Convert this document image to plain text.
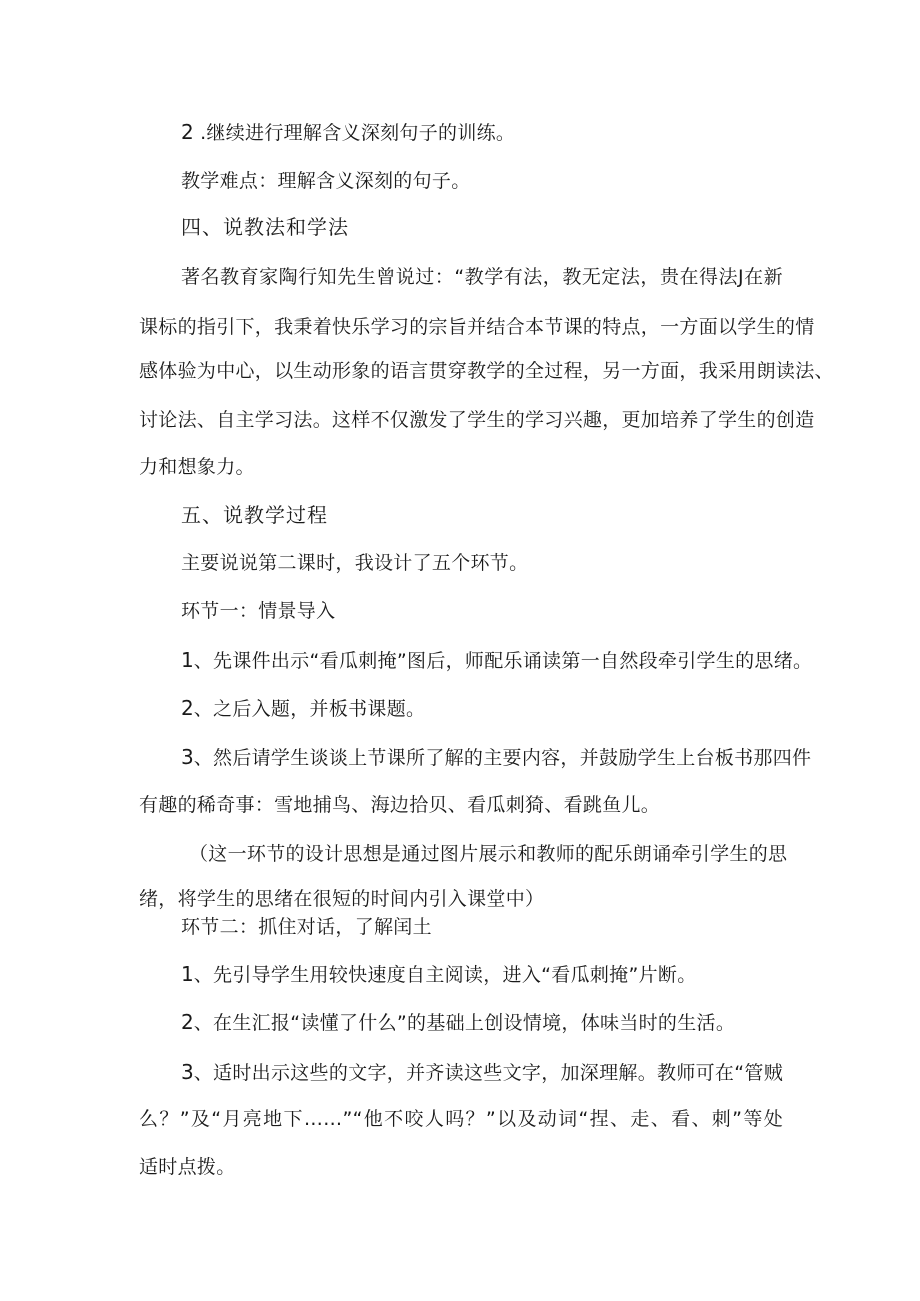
2 .继续进行理解含义深刻句子的训练。
教学难点：理解含义深刻的句子。
四、说教法和学法
著名教育家陶行知先生曾说过：“教学有法，教无定法，贵在得法J在新
课标的指引下，我秉着快乐学习的宗旨并结合本节课的特点，一方面以学生的情
感体验为中心，以生动形象的语言贯穿教学的全过程，另一方面，我采用朗读法、
讨论法、自主学习法。这样不仅激发了学生的学习兴趣，更加培养了学生的创造
力和想象力。
五、说教学过程
主要说说第二课时，我设计了五个环节。
环节一：情景导入
1、先课件出示“看瓜刺掩”图后，师配乐诵读第一自然段牵引学生的思绪。
2、之后入题，并板书课题。
3、然后请学生谈谈上节课所了解的主要内容，并鼓励学生上台板书那四件
有趣的稀奇事：雪地捕鸟、海边拾贝、看瓜刺猗、看跳鱼儿。
（这一环节的设计思想是通过图片展示和教师的配乐朗诵牵引学生的思
绪，将学生的思绪在很短的时间内引入课堂中）
环节二：抓住对话，了解闰土
1、先引导学生用较快速度自主阅读，进入“看瓜刺掩”片断。
2、在生汇报“读懂了什么”的基础上创设情境，体味当时的生活。
3、适时出示这些的文字，并齐读这些文字，加深理解。教师可在“管贼
么？”及“月亮地下……”“他不咬人吗？”以及动词“捏、走、看、刺”等处
适时点拨。
